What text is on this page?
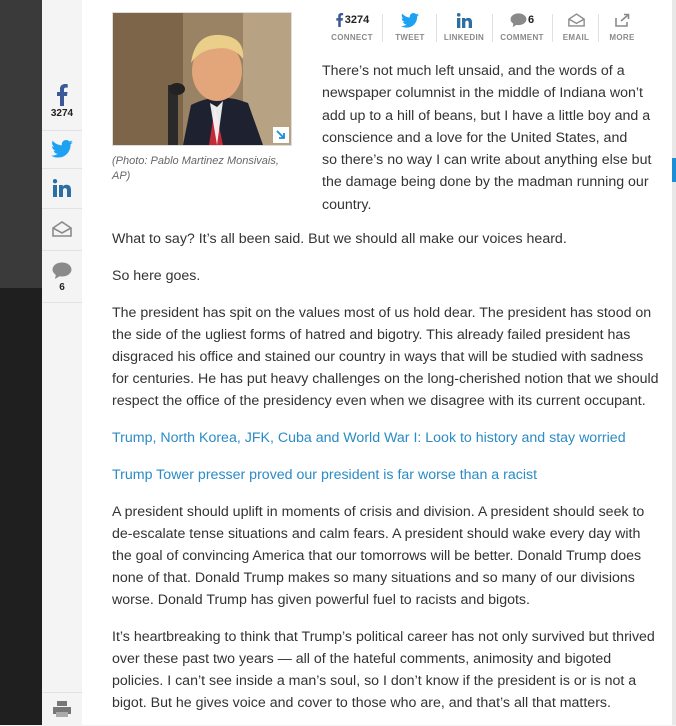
3274
6
(Photo: Pablo Martinez Monsivais, AP)
3274
CONNECT	TWEET	LINKEDIN
6
COMMENT	EMAIL	MORE
There’s not much left unsaid, and the words of a
newspaper columnist in the middle of Indiana won’t
add up to a hill of beans, but I have a little boy and a
conscience and a love for the United States, and
so there’s no way I can write about anything else but
the damage being done by the madman running our
country.

What to say? It’s all been said. But we should all make our voices heard.

So here goes.

The president has spit on the values most of us hold dear. The president has stood on the side of the ugliest forms of hatred and bigotry. This already failed president has disgraced his office and stained our country in ways that will be studied with sadness for centuries. He has put heavy challenges on the long-cherished notion that we should respect the office of the presidency even when we disagree with its current occupant.

Trump, North Korea, JFK, Cuba and World War I: Look to history and stay worried

Trump Tower presser proved our president is far worse than a racist

A president should uplift in moments of crisis and division. A president should seek to de-escalate tense situations and calm fears. A president should wake every day with the goal of convincing America that our tomorrows will be better. Donald Trump does none of that. Donald Trump makes so many situations and so many of our divisions worse. Donald Trump has given powerful fuel to racists and bigots.

It’s heartbreaking to think that Trump’s political career has not only survived but thrived over these past two years — all of the hateful comments, animosity and bigoted policies. I can’t see inside a man’s soul, so I don’t know if the president is or is not a bigot. But he gives voice and cover to those who are, and that’s all that matters.
